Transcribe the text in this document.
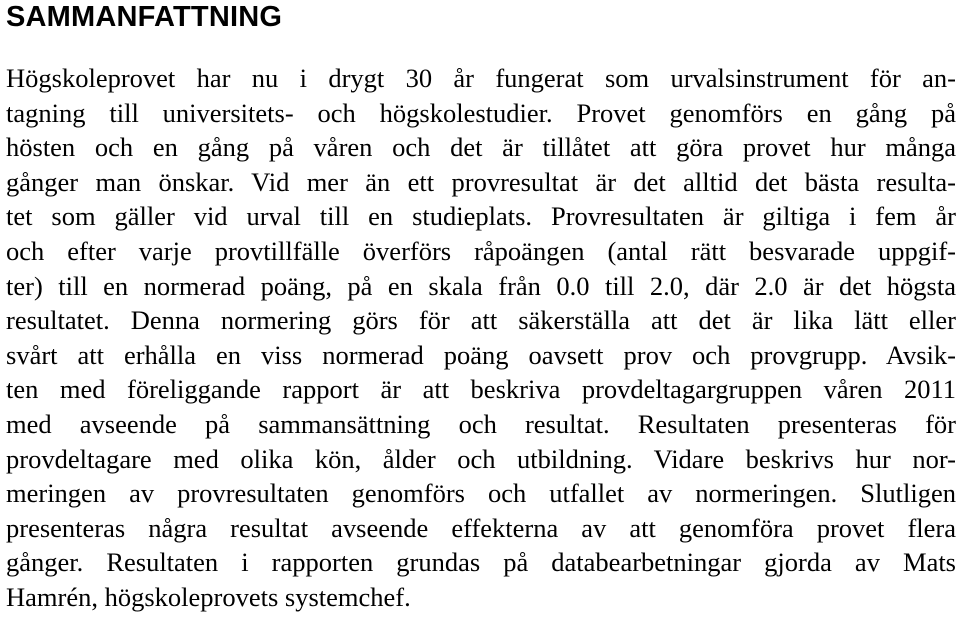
SAMMANFATTNING
Högskoleprovet har nu i drygt 30 år fungerat som urvalsinstrument för an-
tagning till universitets- och högskolestudier. Provet genomförs en gång på
hösten och en gång på våren och det är tillåtet att göra provet hur många
gånger man önskar. Vid mer än ett provresultat är det alltid det bästa resulta-
tet som gäller vid urval till en studieplats. Provresultaten är giltiga i fem år
och efter varje provtillfälle överförs råpoängen (antal rätt besvarade uppgif-
ter) till en normerad poäng, på en skala från 0.0 till 2.0, där 2.0 är det högsta
resultatet. Denna normering görs för att säkerställa att det är lika lätt eller
svårt att erhålla en viss normerad poäng oavsett prov och provgrupp. Avsik-
ten med föreliggande rapport är att beskriva provdeltagargruppen våren 2011
med avseende på sammansättning och resultat. Resultaten presenteras för
provdeltagare med olika kön, ålder och utbildning. Vidare beskrivs hur nor-
meringen av provresultaten genomförs och utfallet av normeringen. Slutligen
presenteras några resultat avseende effekterna av att genomföra provet flera
gånger. Resultaten i rapporten grundas på databearbetningar gjorda av Mats
Hamrén, högskoleprovets systemchef.
